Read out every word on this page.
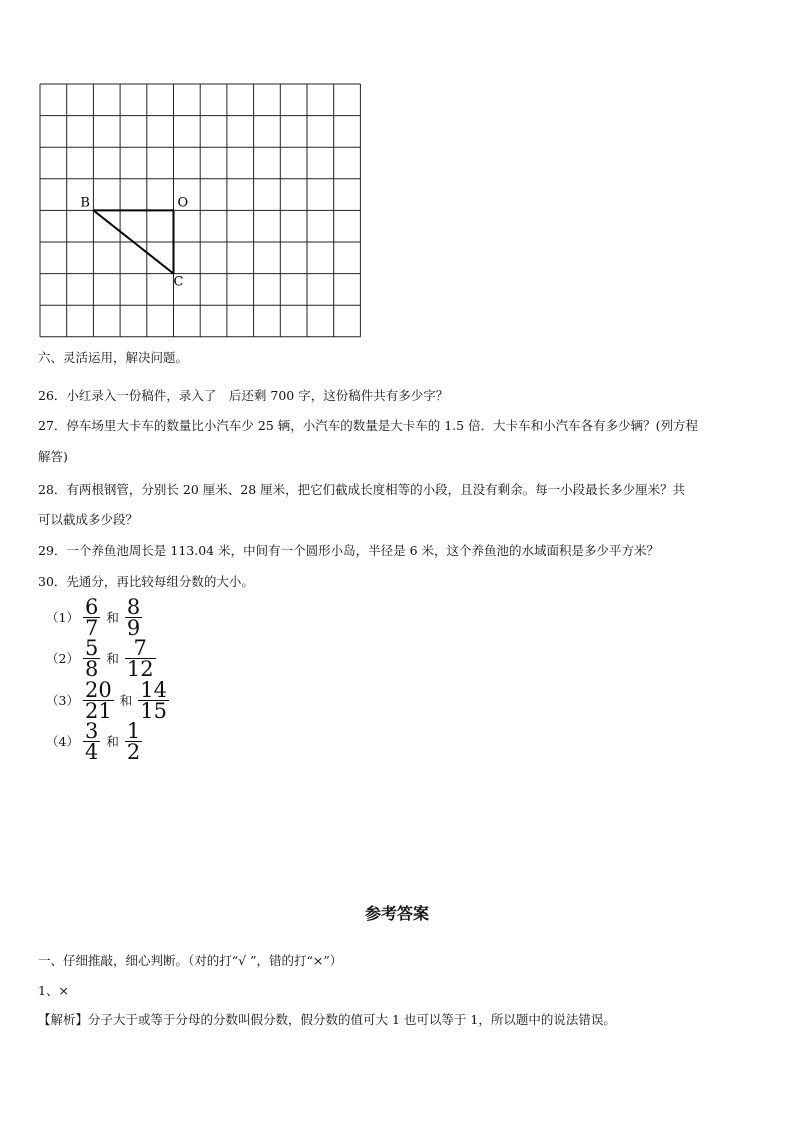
B	O
C
六、灵活运用，解决问题。
26．小红录入一份稿件，录入了　后还剩 700 字，这份稿件共有多少字？
27．停车场里大卡车的数量比小汽车少 25 辆，小汽车的数量是大卡车的 1.5 倍．大卡车和小汽车各有多少辆？(列方程
解答)
28．有两根钢管，分别长 20 厘米、28 厘米，把它们截成长度相等的小段，且没有剩余。每一小段最长多少厘米？共
可以截成多少段？
29．一个养鱼池周长是 113.04 米，中间有一个圆形小岛，半径是 6 米，这个养鱼池的水域面积是多少平方米？
30．先通分，再比较每组分数的大小。
$(1) \frac{6}{7}$ 和 $\frac{8}{9}$
$(2) \frac{5}{8}$ 和 $\frac{7}{12}$
$(3) \frac{20}{21}$ 和 $\frac{14}{15}$
$(4) \frac{3}{4}$ 和 $\frac{1}{2}$
参考答案
一、仔细推敲，细心判断。（对的打“√ ”，错的打“×”）
1、×
【解析】分子大于或等于分母的分数叫假分数，假分数的值可大 1 也可以等于 1，所以题中的说法错误。
